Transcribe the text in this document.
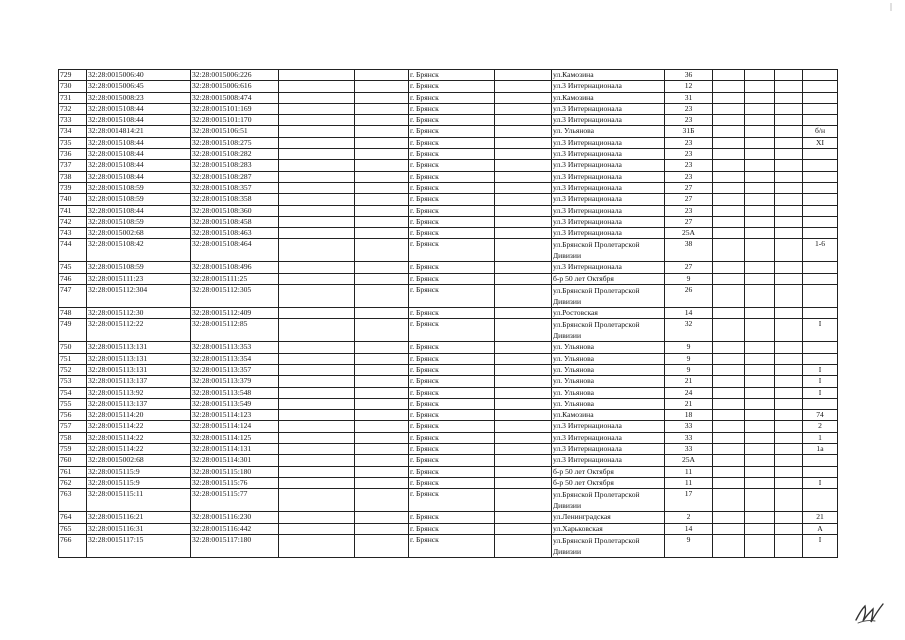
729	32:28:0015006:40	32:28:0015006:226			г. Брянск		ул.Камозина	36				
730	32:28:0015006:45	32:28:0015006:616			г. Брянск		ул.3 Интернационала	12				
731	32:28:0015008:23	32:28:0015008:474			г. Брянск		ул.Камозина	31				
732	32:28:0015108:44	32:28:0015101:169			г. Брянск		ул.3 Интернационала	23				
733	32:28:0015108:44	32:28:0015101:170			г. Брянск		ул.3 Интернационала	23				
734	32:28:0014814:21	32:28:0015106:51			г. Брянск		ул. Ульянова	31Б				б/н
735	32:28:0015108:44	32:28:0015108:275			г. Брянск		ул.3 Интернационала	23				XI
736	32:28:0015108:44	32:28:0015108:282			г. Брянск		ул.3 Интернационала	23				
737	32:28:0015108:44	32:28:0015108:283			г. Брянск		ул.3 Интернационала	23				
738	32:28:0015108:44	32:28:0015108:287			г. Брянск		ул.3 Интернационала	23				
739	32:28:0015108:59	32:28:0015108:357			г. Брянск		ул.3 Интернационала	27				
740	32:28:0015108:59	32:28:0015108:358			г. Брянск		ул.3 Интернационала	27				
741	32:28:0015108:44	32:28:0015108:360			г. Брянск		ул.3 Интернационала	23				
742	32:28:0015108:59	32:28:0015108:458			г. Брянск		ул.3 Интернационала	27				
743	32:28:0015002:68	32:28:0015108:463			г. Брянск		ул.3 Интернационала	25А				
744	32:28:0015108:42	32:28:0015108:464			г. Брянск		ул.Брянской Пролетарской Дивизии	38				1-6
745	32:28:0015108:59	32:28:0015108:496			г. Брянск		ул.3 Интернационала	27				
746	32:28:0015111:23	32:28:0015111:25			г. Брянск		б-р 50 лет Октября	9				
747	32:28:0015112:304	32:28:0015112:305			г. Брянск		ул.Брянской Пролетарской Дивизии	26				
748	32:28:0015112:30	32:28:0015112:409			г. Брянск		ул.Ростовская	14				
749	32:28:0015112:22	32:28:0015112:85			г. Брянск		ул.Брянской Пролетарской Дивизии	32				I
750	32:28:0015113:131	32:28:0015113:353			г. Брянск		ул. Ульянова	9				
751	32:28:0015113:131	32:28:0015113:354			г. Брянск		ул. Ульянова	9				
752	32:28:0015113:131	32:28:0015113:357			г. Брянск		ул. Ульянова	9				I
753	32:28:0015113:137	32:28:0015113:379			г. Брянск		ул. Ульянова	21				I
754	32:28:0015113:92	32:28:0015113:548			г. Брянск		ул. Ульянова	24				I
755	32:28:0015113:137	32:28:0015113:549			г. Брянск		ул. Ульянова	21				
756	32:28:0015114:20	32:28:0015114:123			г. Брянск		ул.Камозина	18				74
757	32:28:0015114:22	32:28:0015114:124			г. Брянск		ул.3 Интернационала	33				2
758	32:28:0015114:22	32:28:0015114:125			г. Брянск		ул.3 Интернационала	33				1
759	32:28:0015114:22	32:28:0015114:131			г. Брянск		ул.3 Интернационала	33				1а
760	32:28:0015002:68	32:28:0015114:301			г. Брянск		ул.3 Интернационала	25А				
761	32:28:0015115:9	32:28:0015115:180			г. Брянск		б-р 50 лет Октября	11				
762	32:28:0015115:9	32:28:0015115:76			г. Брянск		б-р 50 лет Октября	11				I
763	32:28:0015115:11	32:28:0015115:77			г. Брянск		ул.Брянской Пролетарской Дивизии	17				
764	32:28:0015116:21	32:28:0015116:230			г. Брянск		ул.Ленинградская	2				21
765	32:28:0015116:31	32:28:0015116:442			г. Брянск		ул.Харьковская	14				А
766	32:28:0015117:15	32:28:0015117:180			г. Брянск		ул.Брянской Пролетарской Дивизии	9				I
